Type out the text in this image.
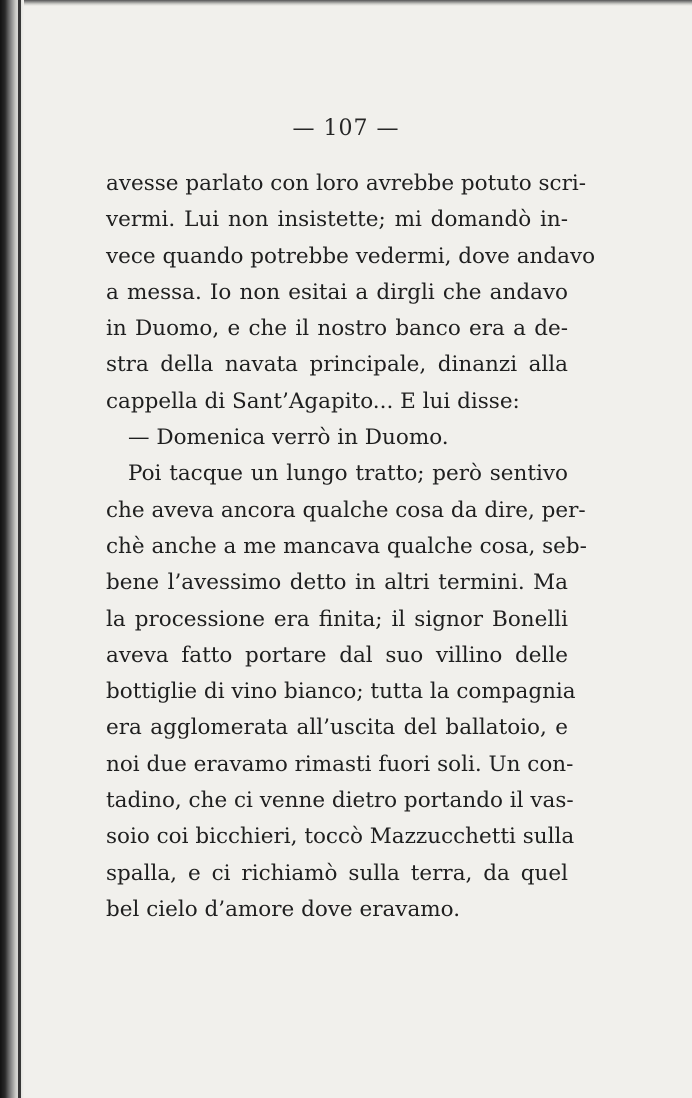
— 107 —
avesse parlato con loro avrebbe potuto scri-
vermi. Lui non insistette; mi domandò in-
vece quando potrebbe vedermi, dove andavo
a messa. Io non esitai a dirgli che andavo
in Duomo, e che il nostro banco era a de-
stra della navata principale, dinanzi alla
cappella di Sant’Agapito... E lui disse:
— Domenica verrò in Duomo.
Poi tacque un lungo tratto; però sentivo
che aveva ancora qualche cosa da dire, per-
chè anche a me mancava qualche cosa, seb-
bene l’avessimo detto in altri termini. Ma
la processione era finita; il signor Bonelli
aveva fatto portare dal suo villino delle
bottiglie di vino bianco; tutta la compagnia
era agglomerata all’uscita del ballatoio, e
noi due eravamo rimasti fuori soli. Un con-
tadino, che ci venne dietro portando il vas-
soio coi bicchieri, toccò Mazzucchetti sulla
spalla, e ci richiamò sulla terra, da quel
bel cielo d’amore dove eravamo.
